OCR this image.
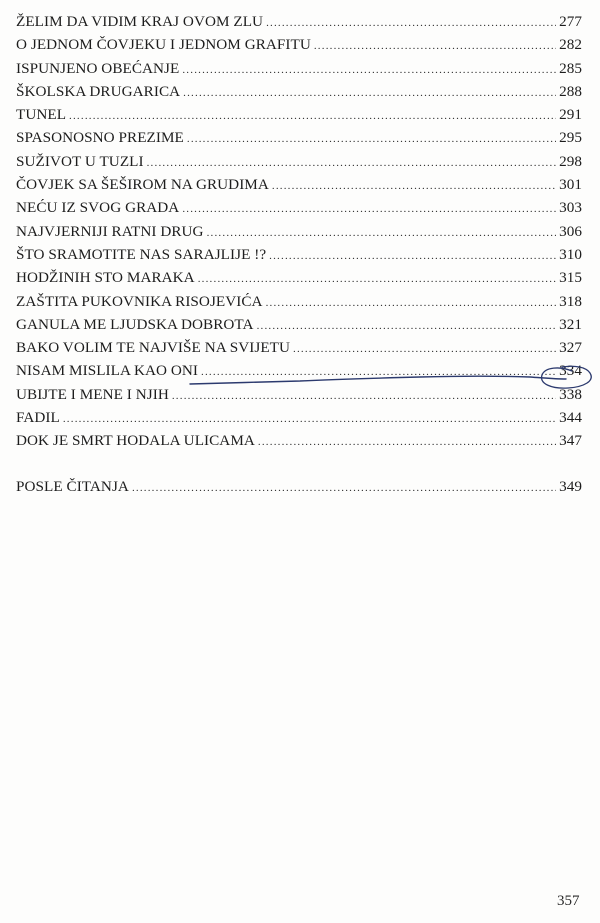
ŽELIM DA VIDIM KRAJ OVOM ZLU .....	277
O JEDNOM ČOVJEKU I JEDNOM GRAFITU .....	282
ISPUNJENO OBEĆANJE .....	285
ŠKOLSKA DRUGARICA .....	288
TUNEL .....	291
SPASONOSNO PREZIME .....	295
SUŽIVOT U TUZLI .....	298
ČOVJEK SA ŠEŠIROM NA GRUDIMA .....	301
NEĆU IZ SVOG GRADA .....	303
NAJVJERNIJI RATNI DRUG .....	306
ŠTO SRAMOTITE NAS SARAJLIJE !? .....	310
HODŽINIH STO MARAKA .....	315
ZAŠTITA PUKOVNIKA RISOJEVIĆA .....	318
GANULA ME LJUDSKA DOBROTA .....	321
BAKO VOLIM TE NAJVIŠE NA SVIJETU .....	327
NISAM MISLILA KAO ONI .....	334
UBIJTE I MENE I NJIH .....	338
FADIL .....	344
DOK JE SMRT HODALA ULICAMA .....	347
POSLE ČITANJA .....	349
357
